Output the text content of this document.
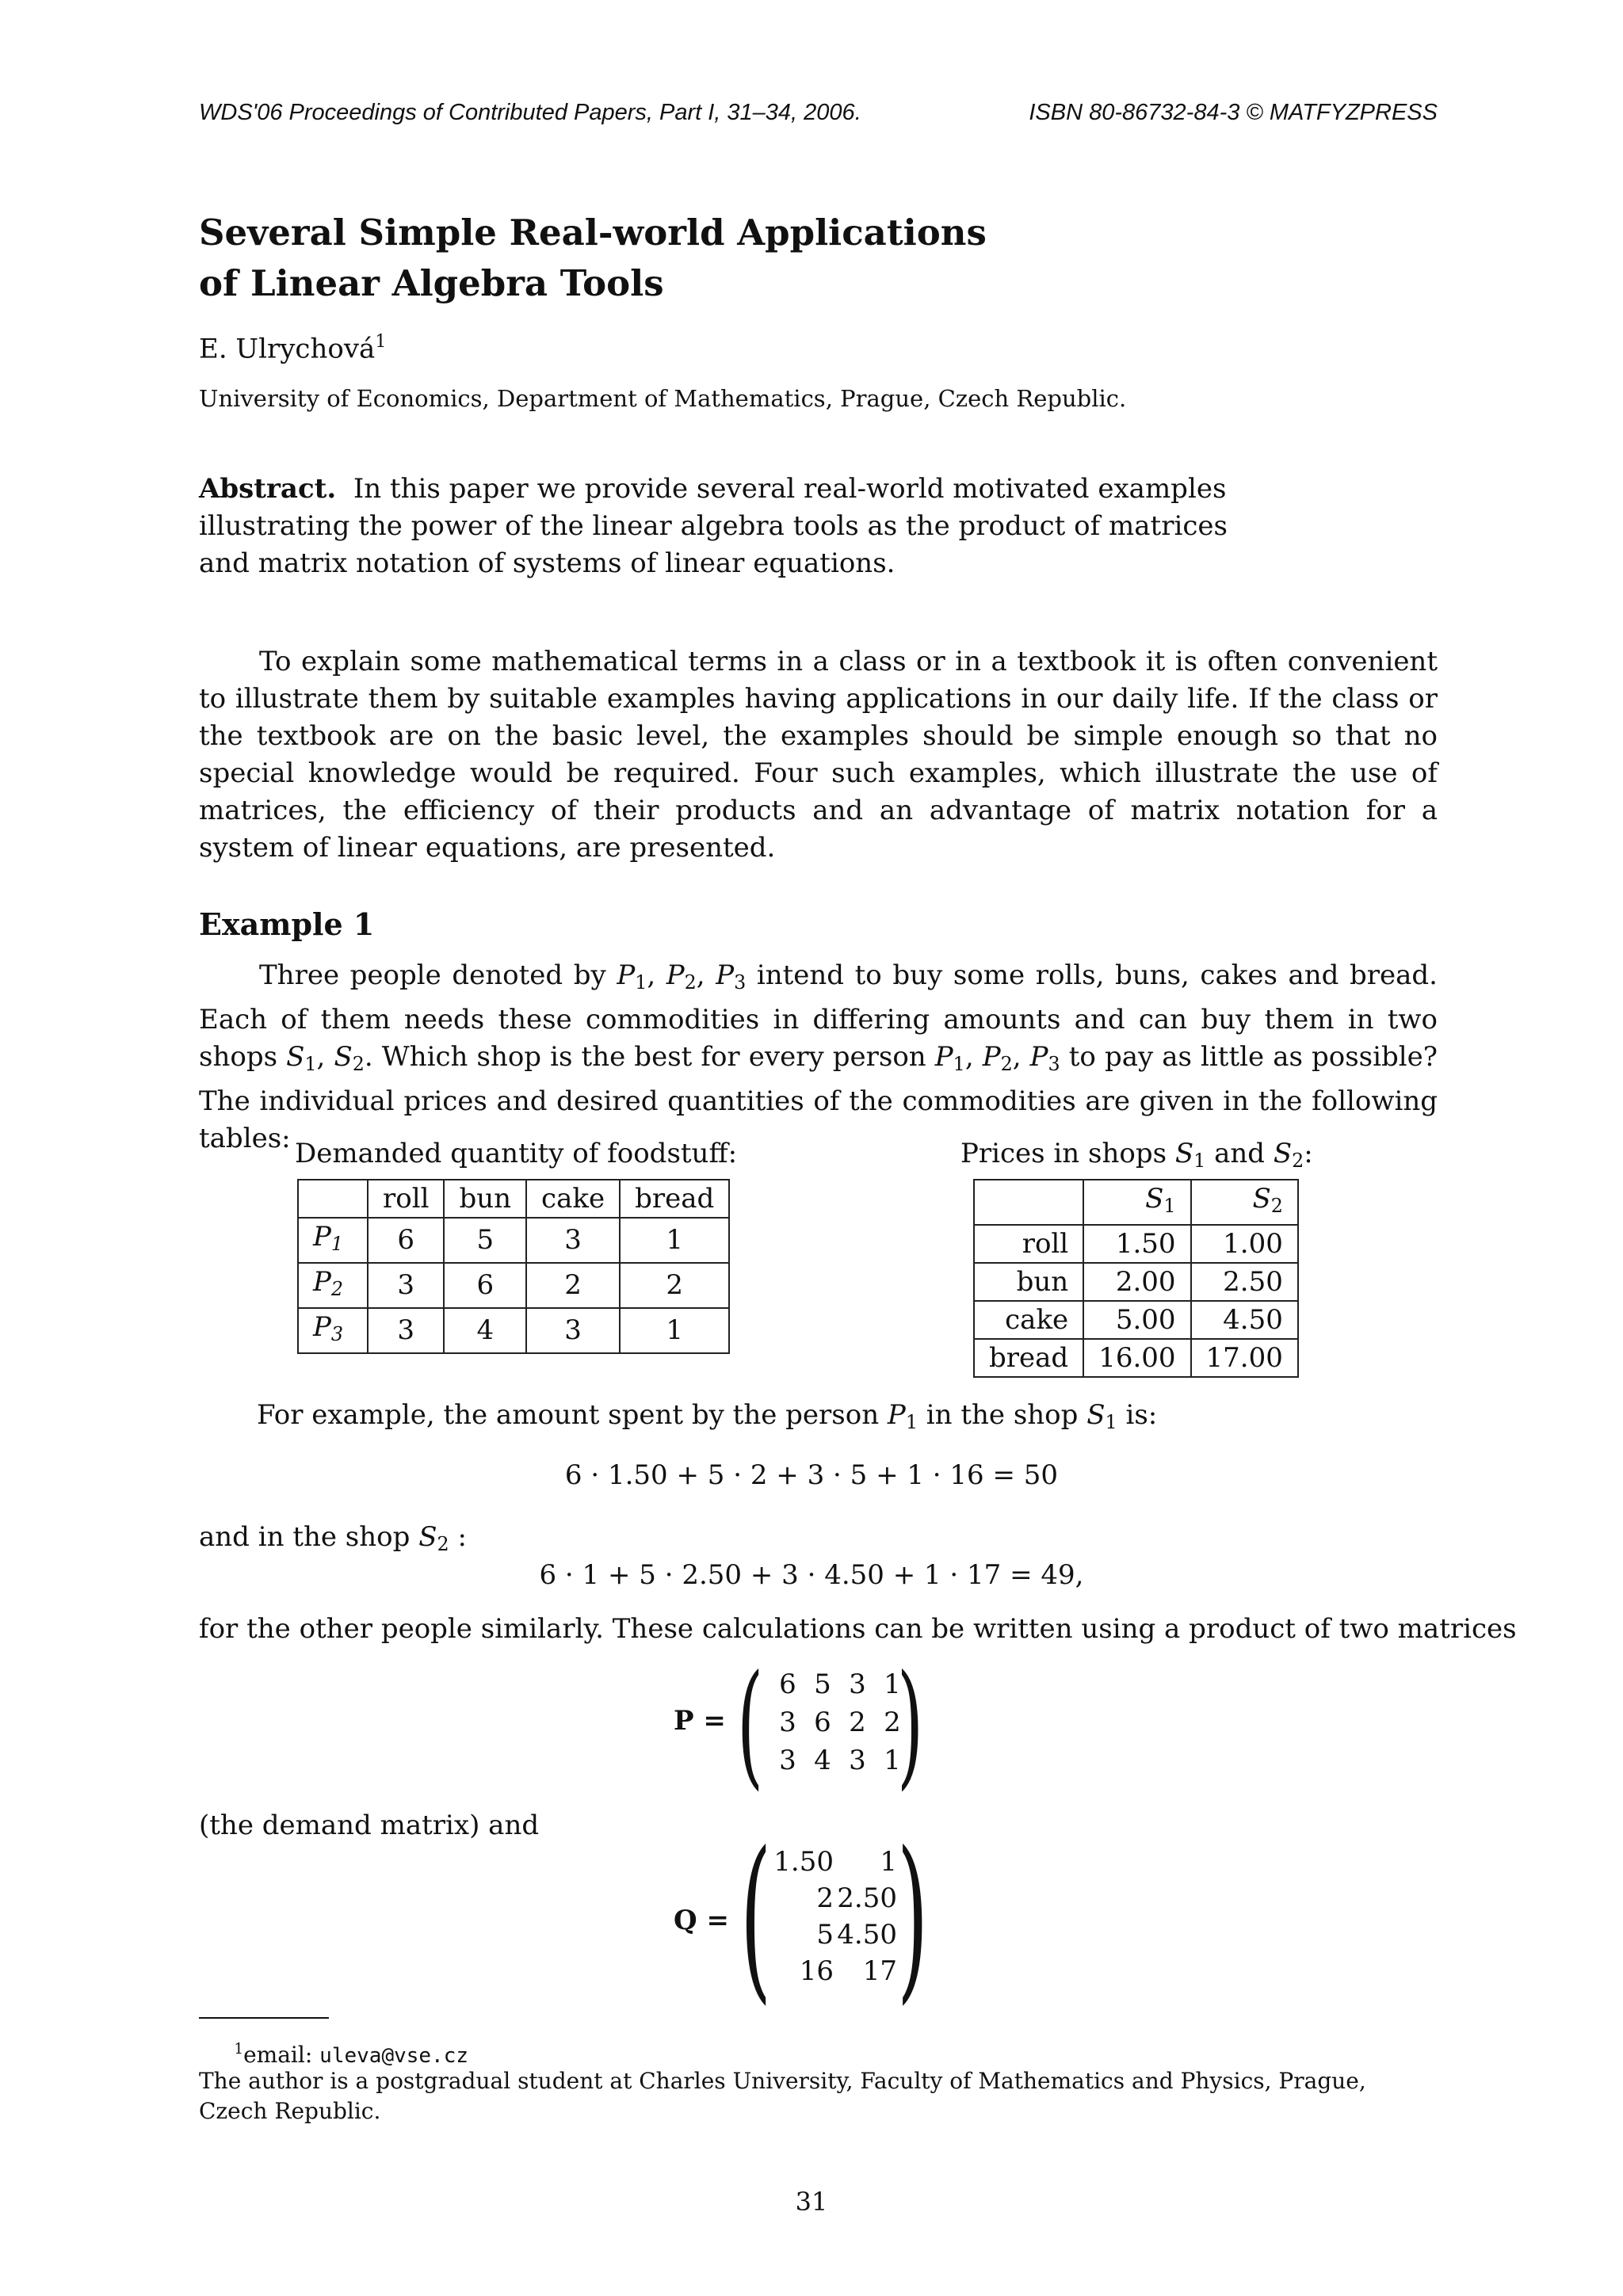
WDS'06 Proceedings of Contributed Papers, Part I, 31–34, 2006.	ISBN 80-86732-84-3 © MATFYZPRESS
Several Simple Real-world Applications
of Linear Algebra Tools
E. Ulrychová$^1$
University of Economics, Department of Mathematics, Prague, Czech Republic.
Abstract. In this paper we provide several real-world motivated examples illustrating the power of the linear algebra tools as the product of matrices and matrix notation of systems of linear equations.
To explain some mathematical terms in a class or in a textbook it is often convenient to illustrate them by suitable examples having applications in our daily life. If the class or the textbook are on the basic level, the examples should be simple enough so that no special knowledge would be required. Four such examples, which illustrate the use of matrices, the efficiency of their products and an advantage of matrix notation for a system of linear equations, are presented.
Example 1
Three people denoted by $P_1$, $P_2$, $P_3$ intend to buy some rolls, buns, cakes and bread. Each of them needs these commodities in differing amounts and can buy them in two shops $S_1$, $S_2$. Which shop is the best for every person $P_1$, $P_2$, $P_3$ to pay as little as possible? The individual prices and desired quantities of the commodities are given in the following tables: Demanded quantity of foodstuff:
	roll	bun	cake	bread
$P_1$	6	5	3	1
$P_2$	3	6	2	2
$P_3$	3	4	3	1
Prices in shops $S_1$ and $S_2$:
	$S_1$	$S_2$
roll	1.50	1.00
bun	2.00	2.50
cake	5.00	4.50
bread	16.00	17.00
For example, the amount spent by the person $P_1$ in the shop $S_1$ is:
6 · 1.50 + 5 · 2 + 3 · 5 + 1 · 16 = 50
and in the shop $S_2$ :
6 · 1 + 5 · 2.50 + 3 · 4.50 + 1 · 17 = 49,
for the other people similarly. These calculations can be written using a product of two matrices
P = ( )
6 5 3 1
3 6 2 2
3 4 3 1
(the demand matrix) and
Q = ( )
1.50	1
2 2.50
5 4.50
16	17
$^1$email: uleva@vse.cz
The author is a postgradual student at Charles University, Faculty of Mathematics and Physics, Prague, Czech Republic.
31
